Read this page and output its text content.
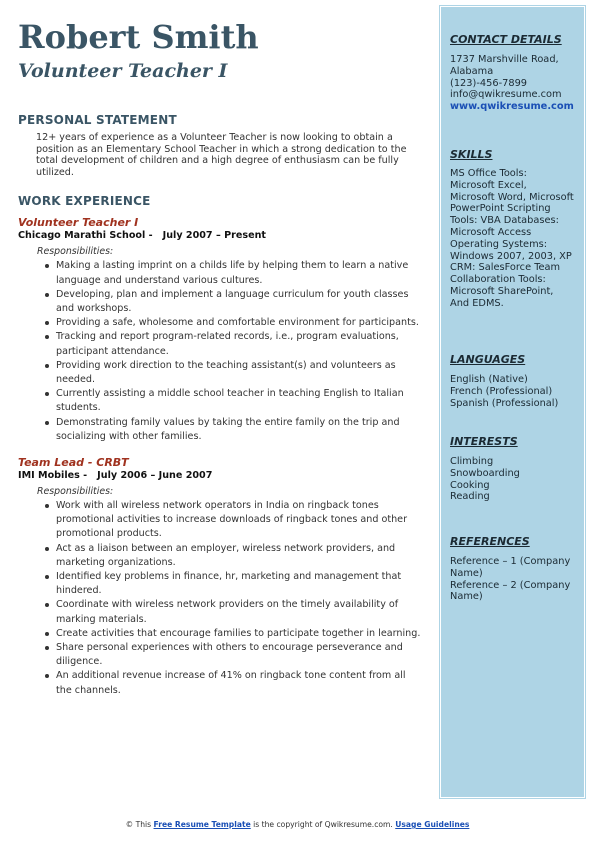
Robert Smith
Volunteer Teacher I
PERSONAL STATEMENT

12+ years of experience as a Volunteer Teacher is now looking to obtain a position as an Elementary School Teacher in which a strong dedication to the total development of children and a high degree of enthusiasm can be fully utilized.

WORK EXPERIENCE
Volunteer Teacher I
Chicago Marathi School -   July 2007 – Present
Responsibilities:
Making a lasting imprint on a childs life by helping them to learn a native language and understand various cultures.
Developing, plan and implement a language curriculum for youth classes and workshops.
Providing a safe, wholesome and comfortable environment for participants.
Tracking and report program-related records, i.e., program evaluations, participant attendance.
Providing work direction to the teaching assistant(s) and volunteers as needed.
Currently assisting a middle school teacher in teaching English to Italian students.
Demonstrating family values by taking the entire family on the trip and socializing with other families.
Team Lead - CRBT
IMI Mobiles -   July 2006 – June 2007
Responsibilities:
Work with all wireless network operators in India on ringback tones promotional activities to increase downloads of ringback tones and other promotional products.
Act as a liaison between an employer, wireless network providers, and marketing organizations.
Identified key problems in finance, hr, marketing and management that hindered.
Coordinate with wireless network providers on the timely availability of marking materials.
Create activities that encourage families to participate together in learning.
Share personal experiences with others to encourage perseverance and diligence.
An additional revenue increase of 41% on ringback tone content from all the channels.
CONTACT DETAILS
1737 Marshville Road,
Alabama
(123)-456-7899
info@qwikresume.com
www.qwikresume.com
SKILLS
MS Office Tools:
Microsoft Excel,
Microsoft Word, Microsoft
PowerPoint Scripting
Tools: VBA Databases:
Microsoft Access
Operating Systems:
Windows 2007, 2003, XP
CRM: SalesForce Team
Collaboration Tools:
Microsoft SharePoint,
And EDMS.
LANGUAGES
English (Native)
French (Professional)
Spanish (Professional)
INTERESTS
Climbing
Snowboarding
Cooking
Reading
REFERENCES
Reference – 1 (Company
Name)
Reference – 2 (Company
Name)
© This Free Resume Template is the copyright of Qwikresume.com. Usage Guidelines
